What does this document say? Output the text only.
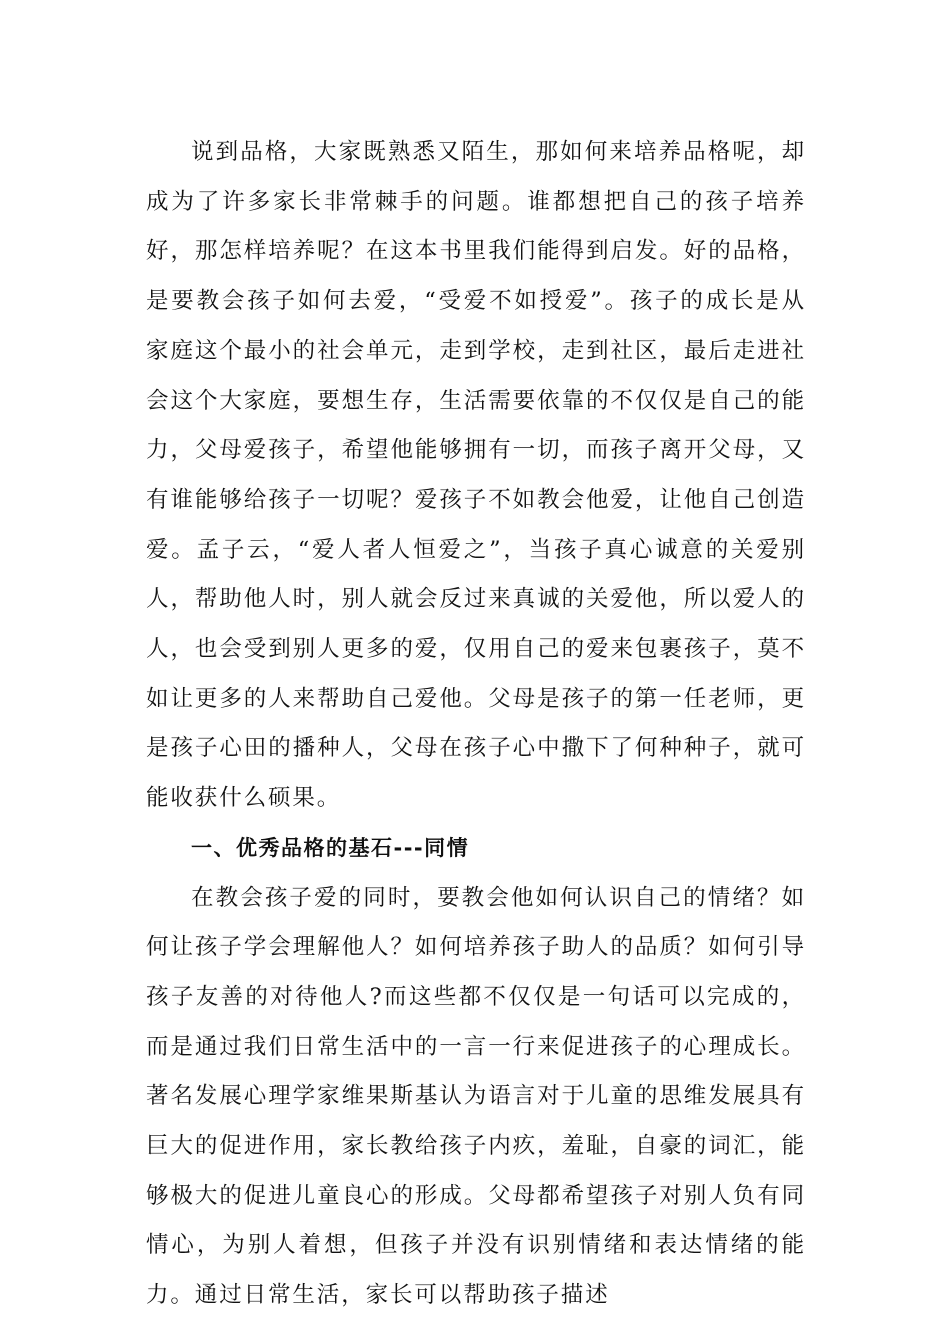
说到品格，大家既熟悉又陌生，那如何来培养品格呢，却成为了许多家长非常棘手的问题。谁都想把自己的孩子培养好，那怎样培养呢？在这本书里我们能得到启发。好的品格，是要教会孩子如何去爱，“受爱不如授爱”。孩子的成长是从家庭这个最小的社会单元，走到学校，走到社区，最后走进社会这个大家庭，要想生存，生活需要依靠的不仅仅是自己的能力，父母爱孩子，希望他能够拥有一切，而孩子离开父母，又有谁能够给孩子一切呢？爱孩子不如教会他爱，让他自己创造爱。孟子云，“爱人者人恒爱之”，当孩子真心诚意的关爱别人，帮助他人时，别人就会反过来真诚的关爱他，所以爱人的人，也会受到别人更多的爱，仅用自己的爱来包裹孩子，莫不如让更多的人来帮助自己爱他。父母是孩子的第一任老师，更是孩子心田的播种人，父母在孩子心中撒下了何种种子，就可能收获什么硕果。

一、优秀品格的基石---同情

在教会孩子爱的同时，要教会他如何认识自己的情绪？如何让孩子学会理解他人？如何培养孩子助人的品质？如何引导孩子友善的对待他人?而这些都不仅仅是一句话可以完成的，而是通过我们日常生活中的一言一行来促进孩子的心理成长。著名发展心理学家维果斯基认为语言对于儿童的思维发展具有巨大的促进作用，家长教给孩子内疚，羞耻，自豪的词汇，能够极大的促进儿童良心的形成。父母都希望孩子对别人负有同情心，为别人着想，但孩子并没有识别情绪和表达情绪的能力。通过日常生活，家长可以帮助孩子描述
